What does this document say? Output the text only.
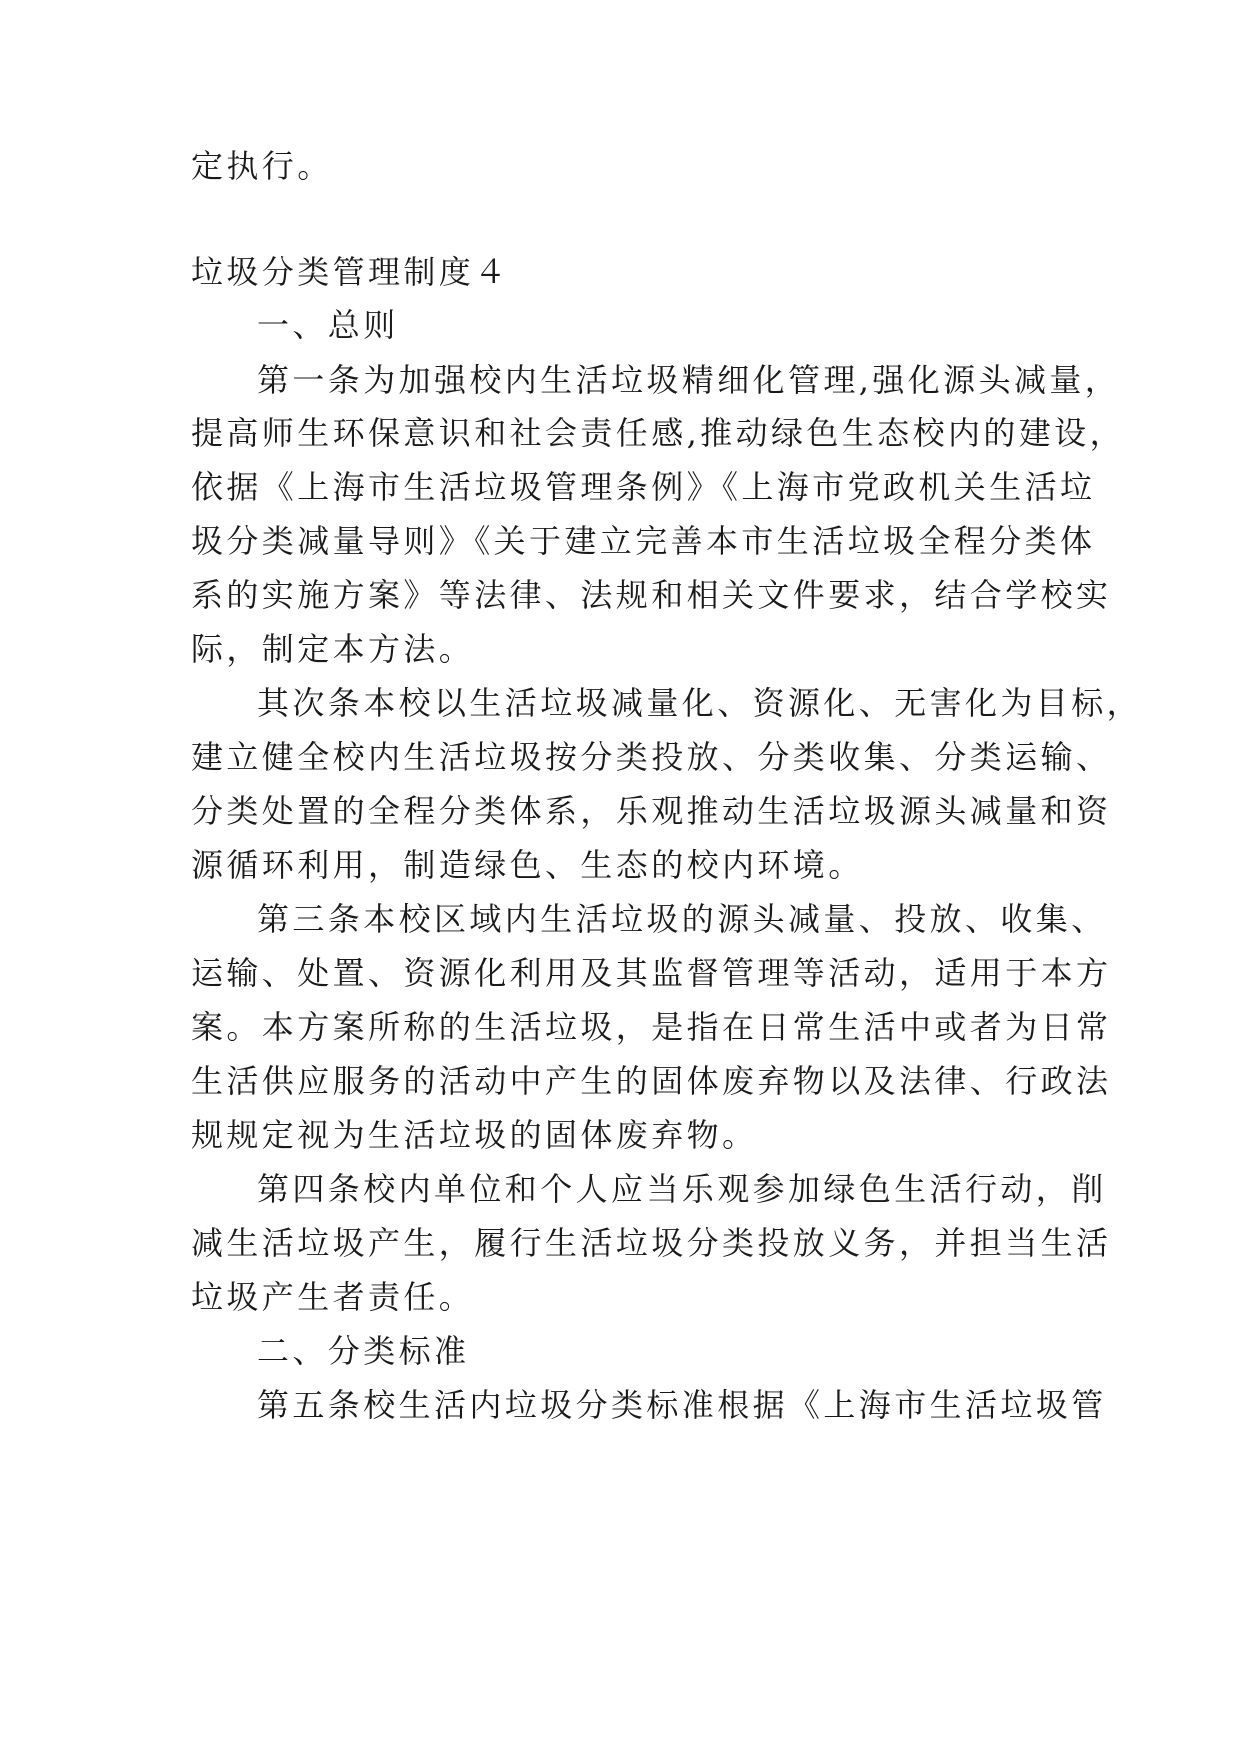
定执行。

垃圾分类管理制度４

一、总则

第一条为加强校内生活垃圾精细化管理,强化源头减量，

提高师生环保意识和社会责任感,推动绿色生态校内的建设，

依据《上海市生活垃圾管理条例》《上海市党政机关生活垃

圾分类减量导则》《关于建立完善本市生活垃圾全程分类体

系的实施方案》等法律、法规和相关文件要求，结合学校实

际，制定本方法。

其次条本校以生活垃圾减量化、资源化、无害化为目标，

建立健全校内生活垃圾按分类投放、分类收集、分类运输、

分类处置的全程分类体系，乐观推动生活垃圾源头减量和资

源循环利用，制造绿色、生态的校内环境。

第三条本校区域内生活垃圾的源头减量、投放、收集、

运输、处置、资源化利用及其监督管理等活动，适用于本方

案。本方案所称的生活垃圾，是指在日常生活中或者为日常

生活供应服务的活动中产生的固体废弃物以及法律、行政法

规规定视为生活垃圾的固体废弃物。

第四条校内单位和个人应当乐观参加绿色生活行动，削

减生活垃圾产生，履行生活垃圾分类投放义务，并担当生活

垃圾产生者责任。

二、分类标准

第五条校生活内垃圾分类标准根据《上海市生活垃圾管
